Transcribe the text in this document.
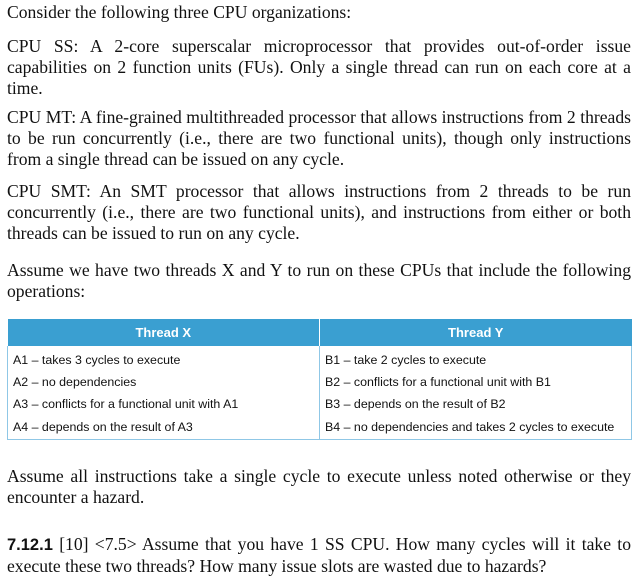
Consider the following three CPU organizations:

CPU SS: A 2-core superscalar microprocessor that provides out-of-order issue capabilities on 2 function units (FUs). Only a single thread can run on each core at a time.

CPU MT: A fine-grained multithreaded processor that allows instructions from 2 threads to be run concurrently (i.e., there are two functional units), though only instructions from a single thread can be issued on any cycle.

CPU SMT: An SMT processor that allows instructions from 2 threads to be run concurrently (i.e., there are two functional units), and instructions from either or both threads can be issued to run on any cycle.

Assume we have two threads X and Y to run on these CPUs that include the following operations:

Thread X	Thread Y
A1 – takes 3 cycles to execute	B1 – take 2 cycles to execute
A2 – no dependencies	B2 – conflicts for a functional unit with B1
A3 – conflicts for a functional unit with A1	B3 – depends on the result of B2
A4 – depends on the result of A3	B4 – no dependencies and takes 2 cycles to execute

Assume all instructions take a single cycle to execute unless noted otherwise or they encounter a hazard.

7.12.1 [10] <7.5> Assume that you have 1 SS CPU. How many cycles will it take to execute these two threads? How many issue slots are wasted due to hazards?
